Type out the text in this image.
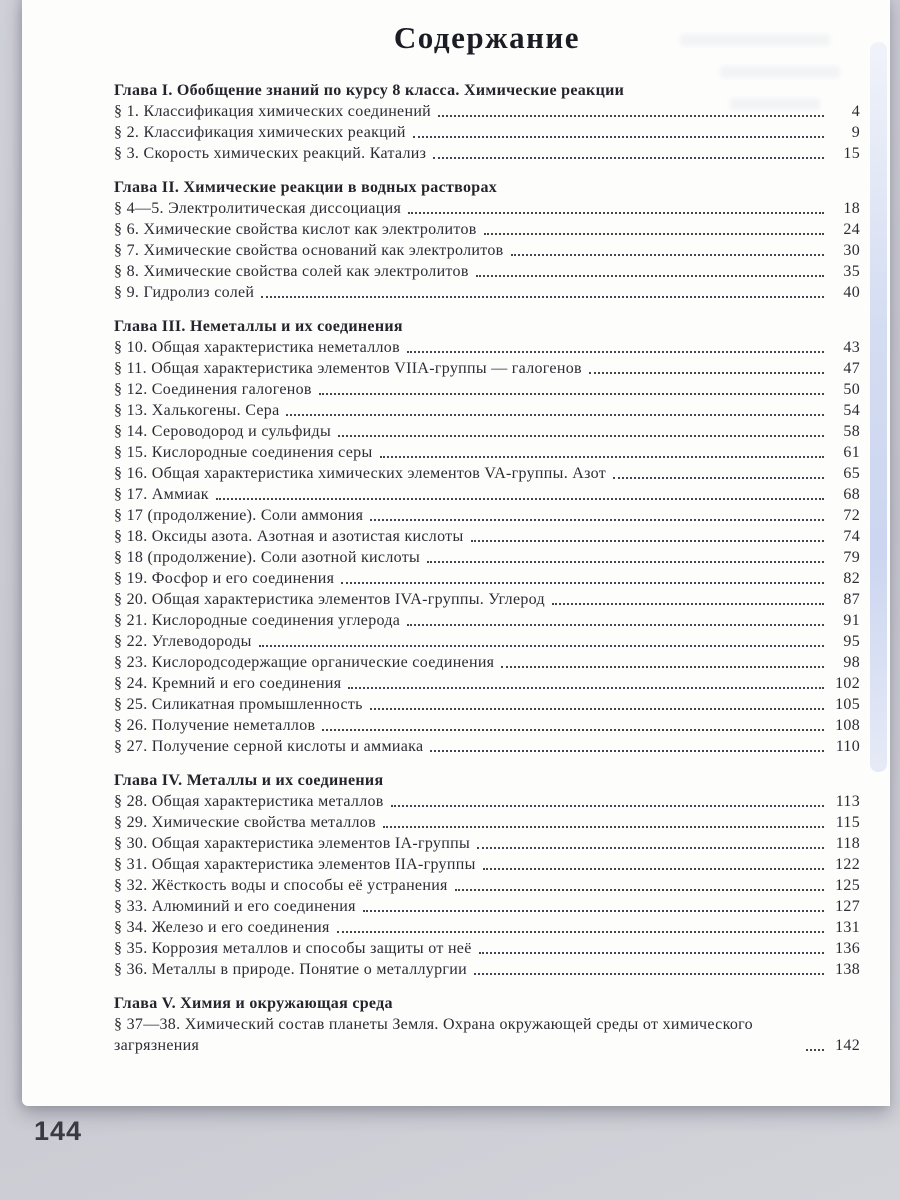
Содержание
Глава I. Обобщение знаний по курсу 8 класса. Химические реакции
§ 1. Классификация химических соединений	4
§ 2. Классификация химических реакций	9
§ 3. Скорость химических реакций. Катализ	15
Глава II. Химические реакции в водных растворах
§ 4—5. Электролитическая диссоциация	18
§ 6. Химические свойства кислот как электролитов	24
§ 7. Химические свойства оснований как электролитов	30
§ 8. Химические свойства солей как электролитов	35
§ 9. Гидролиз солей	40
Глава III. Неметаллы и их соединения
§ 10. Общая характеристика неметаллов	43
§ 11. Общая характеристика элементов VIIA-группы — галогенов	47
§ 12. Соединения галогенов	50
§ 13. Халькогены. Сера	54
§ 14. Сероводород и сульфиды	58
§ 15. Кислородные соединения серы	61
§ 16. Общая характеристика химических элементов VA-группы. Азот	65
§ 17. Аммиак	68
§ 17 (продолжение). Соли аммония	72
§ 18. Оксиды азота. Азотная и азотистая кислоты	74
§ 18 (продолжение). Соли азотной кислоты	79
§ 19. Фосфор и его соединения	82
§ 20. Общая характеристика элементов IVA-группы. Углерод	87
§ 21. Кислородные соединения углерода	91
§ 22. Углеводороды	95
§ 23. Кислородсодержащие органические соединения	98
§ 24. Кремний и его соединения	102
§ 25. Силикатная промышленность	105
§ 26. Получение неметаллов	108
§ 27. Получение серной кислоты и аммиака	110
Глава IV. Металлы и их соединения
§ 28. Общая характеристика металлов	113
§ 29. Химические свойства металлов	115
§ 30. Общая характеристика элементов IA-группы	118
§ 31. Общая характеристика элементов IIA-группы	122
§ 32. Жёсткость воды и способы её устранения	125
§ 33. Алюминий и его соединения	127
§ 34. Железо и его соединения	131
§ 35. Коррозия металлов и способы защиты от неё	136
§ 36. Металлы в природе. Понятие о металлургии	138
Глава V. Химия и окружающая среда
§ 37—38. Химический состав планеты Земля. Охрана окружающей среды от химического загрязнения	142
144
